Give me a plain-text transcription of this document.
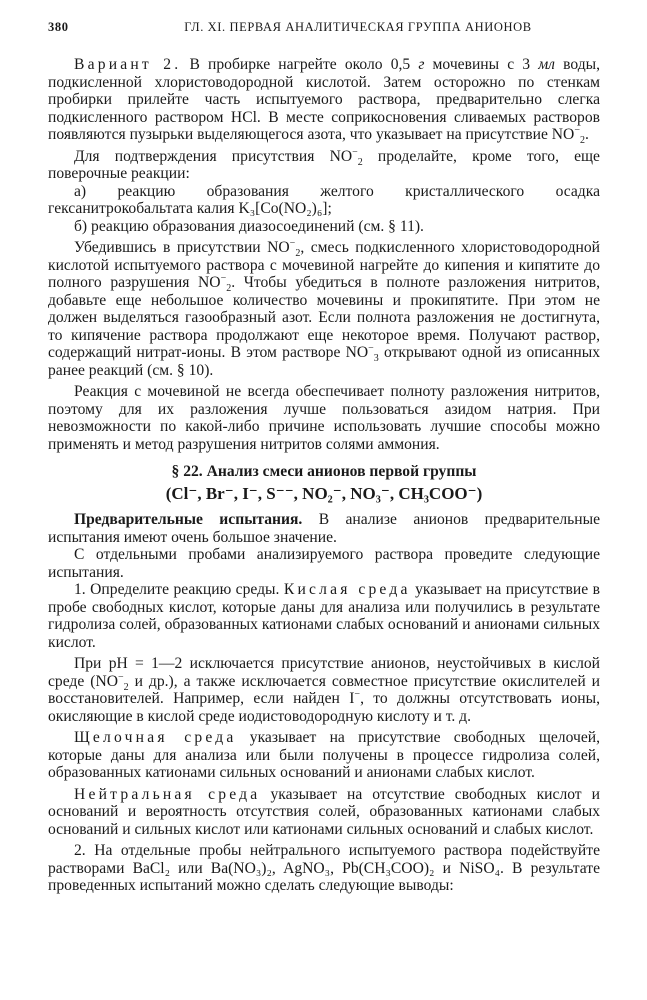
380	ГЛ. XI. ПЕРВАЯ АНАЛИТИЧЕСКАЯ ГРУППА АНИОНОВ

Вариант 2. В пробирке нагрейте около 0,5 г мочевины с 3 мл воды, подкисленной хлористоводородной кислотой. Затем осторожно по стенкам пробирки прилейте часть испытуемого раствора, предварительно слегка подкисленного раствором HCl. В месте соприкосновения сливаемых растворов появляются пузырьки выделяющегося азота, что указывает на присутствие $NO^-_2$.

Для подтверждения присутствия $NO^-_2$ проделайте, кроме того, еще поверочные реакции:

а) реакцию образования желтого кристаллического осадка гексанитрокобальтата калия K₃[Co(NO₂)₆];

б) реакцию образования диазосоединений (см. § 11).

Убедившись в присутствии $NO^-_2$, смесь подкисленного хлористоводородной кислотой испытуемого раствора с мочевиной нагрейте до кипения и кипятите до полного разрушения $NO^-_2$. Чтобы убедиться в полноте разложения нитритов, добавьте еще небольшое количество мочевины и прокипятите. При этом не должен выделяться газообразный азот. Если полнота разложения не достигнута, то кипячение раствора продолжают еще некоторое время. Получают раствор, содержащий нитрат-ионы. В этом растворе $NO^-_3$ открывают одной из описанных ранее реакций (см. § 10).

Реакция с мочевиной не всегда обеспечивает полноту разложения нитритов, поэтому для их разложения лучше пользоваться азидом натрия. При невозможности по какой-либо причине использовать лучшие способы можно применять и метод разрушения нитритов солями аммония.

§ 22. Анализ смеси анионов первой группы
(Cl⁻, Br⁻, I⁻, S⁻⁻, NO₂⁻, NO₃⁻, CH₃COO⁻)

Предварительные испытания. В анализе анионов предварительные испытания имеют очень большое значение.

С отдельными пробами анализируемого раствора проведите следующие испытания.

1. Определите реакцию среды. Кислая среда указывает на присутствие в пробе свободных кислот, которые даны для анализа или получились в результате гидролиза солей, образованных катионами слабых оснований и анионами сильных кислот.

При pH = 1—2 исключается присутствие анионов, неустойчивых в кислой среде ($NO^-_2$ и др.), а также исключается совместное присутствие окислителей и восстановителей. Например, если найден I−, то должны отсутствовать ионы, окисляющие в кислой среде иодистоводородную кислоту и т. д.

Щелочная среда указывает на присутствие свободных щелочей, которые даны для анализа или были получены в процессе гидролиза солей, образованных катионами сильных оснований и анионами слабых кислот.

Нейтральная среда указывает на отсутствие свободных кислот и оснований и вероятность отсутствия солей, образованных катионами слабых оснований и сильных кислот или катионами сильных оснований и слабых кислот.

2. На отдельные пробы нейтрального испытуемого раствора подействуйте растворами BaCl₂ или Ba(NO₃)₂, AgNO₃, Pb(CH₃COO)₂ и NiSO₄. В результате проведенных испытаний можно сделать следующие выводы:
